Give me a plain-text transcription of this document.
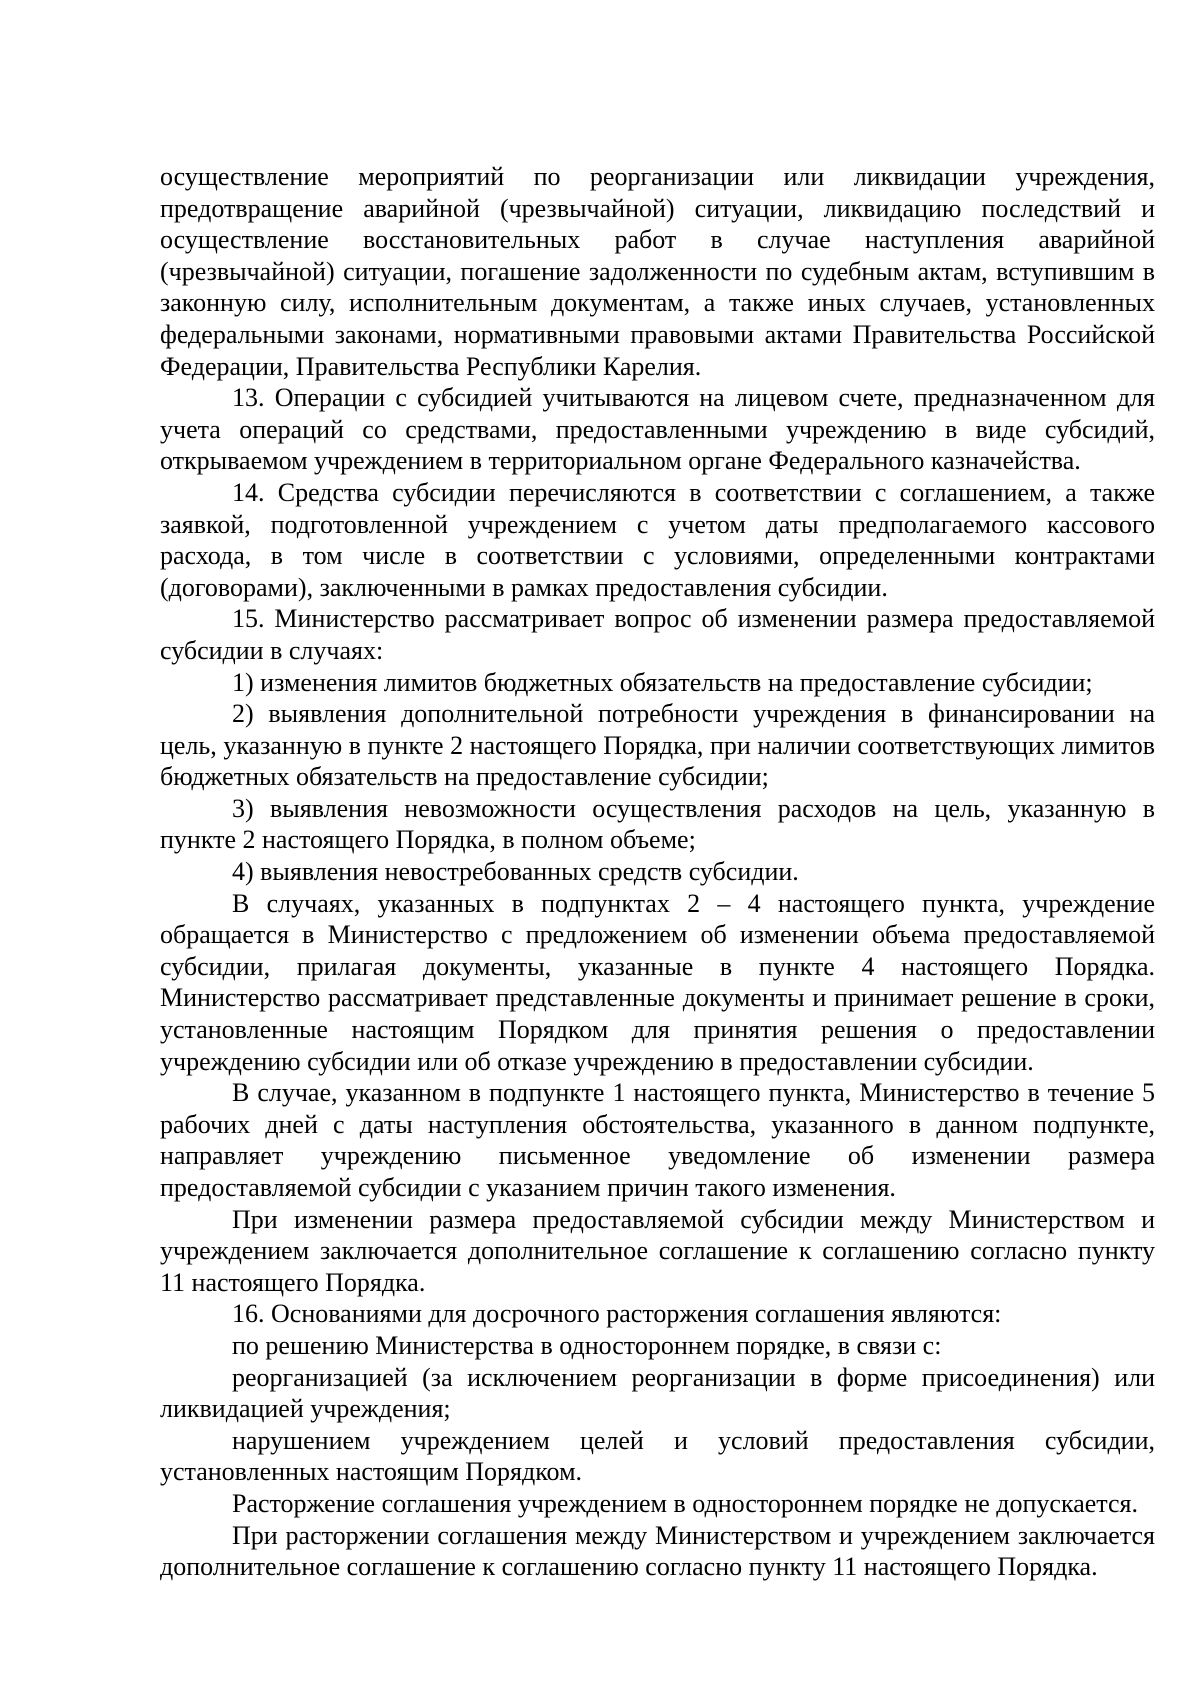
осуществление мероприятий по реорганизации или ликвидации учреждения, предотвращение аварийной (чрезвычайной) ситуации, ликвидацию последствий и осуществление восстановительных работ в случае наступления аварийной (чрезвычайной) ситуации, погашение задолженности по судебным актам, вступившим в законную силу, исполнительным документам, а также иных случаев, установленных федеральными законами, нормативными правовыми актами Правительства Российской Федерации, Правительства Республики Карелия.

13. Операции с субсидией учитываются на лицевом счете, предназначенном для учета операций со средствами, предоставленными учреждению в виде субсидий, открываемом учреждением в территориальном органе Федерального казначейства.

14. Средства субсидии перечисляются в соответствии с соглашением, а также заявкой, подготовленной учреждением с учетом даты предполагаемого кассового расхода, в том числе в соответствии с условиями, определенными контрактами (договорами), заключенными в рамках предоставления субсидии.

15. Министерство рассматривает вопрос об изменении размера предоставляемой субсидии в случаях:

1) изменения лимитов бюджетных обязательств на предоставление субсидии;

2) выявления дополнительной потребности учреждения в финансировании на цель, указанную в пункте 2 настоящего Порядка, при наличии соответствующих лимитов бюджетных обязательств на предоставление субсидии;

3) выявления невозможности осуществления расходов на цель, указанную в пункте 2 настоящего Порядка, в полном объеме;

4) выявления невостребованных средств субсидии.

В случаях, указанных в подпунктах 2 – 4 настоящего пункта, учреждение обращается в Министерство с предложением об изменении объема предоставляемой субсидии, прилагая документы, указанные в пункте 4 настоящего Порядка. Министерство рассматривает представленные документы и принимает решение в сроки, установленные настоящим Порядком для принятия решения о предоставлении учреждению субсидии или об отказе учреждению в предоставлении субсидии.

В случае, указанном в подпункте 1 настоящего пункта, Министерство в течение 5 рабочих дней с даты наступления обстоятельства, указанного в данном подпункте, направляет учреждению письменное уведомление об изменении размера предоставляемой субсидии с указанием причин такого изменения.

При изменении размера предоставляемой субсидии между Министерством и учреждением заключается дополнительное соглашение к соглашению согласно пункту 11 настоящего Порядка.

16. Основаниями для досрочного расторжения соглашения являются:

по решению Министерства в одностороннем порядке, в связи с:

реорганизацией (за исключением реорганизации в форме присоединения) или ликвидацией учреждения;

нарушением учреждением целей и условий предоставления субсидии, установленных настоящим Порядком.

Расторжение соглашения учреждением в одностороннем порядке не допускается.

При расторжении соглашения между Министерством и учреждением заключается дополнительное соглашение к соглашению согласно пункту 11 настоящего Порядка.
